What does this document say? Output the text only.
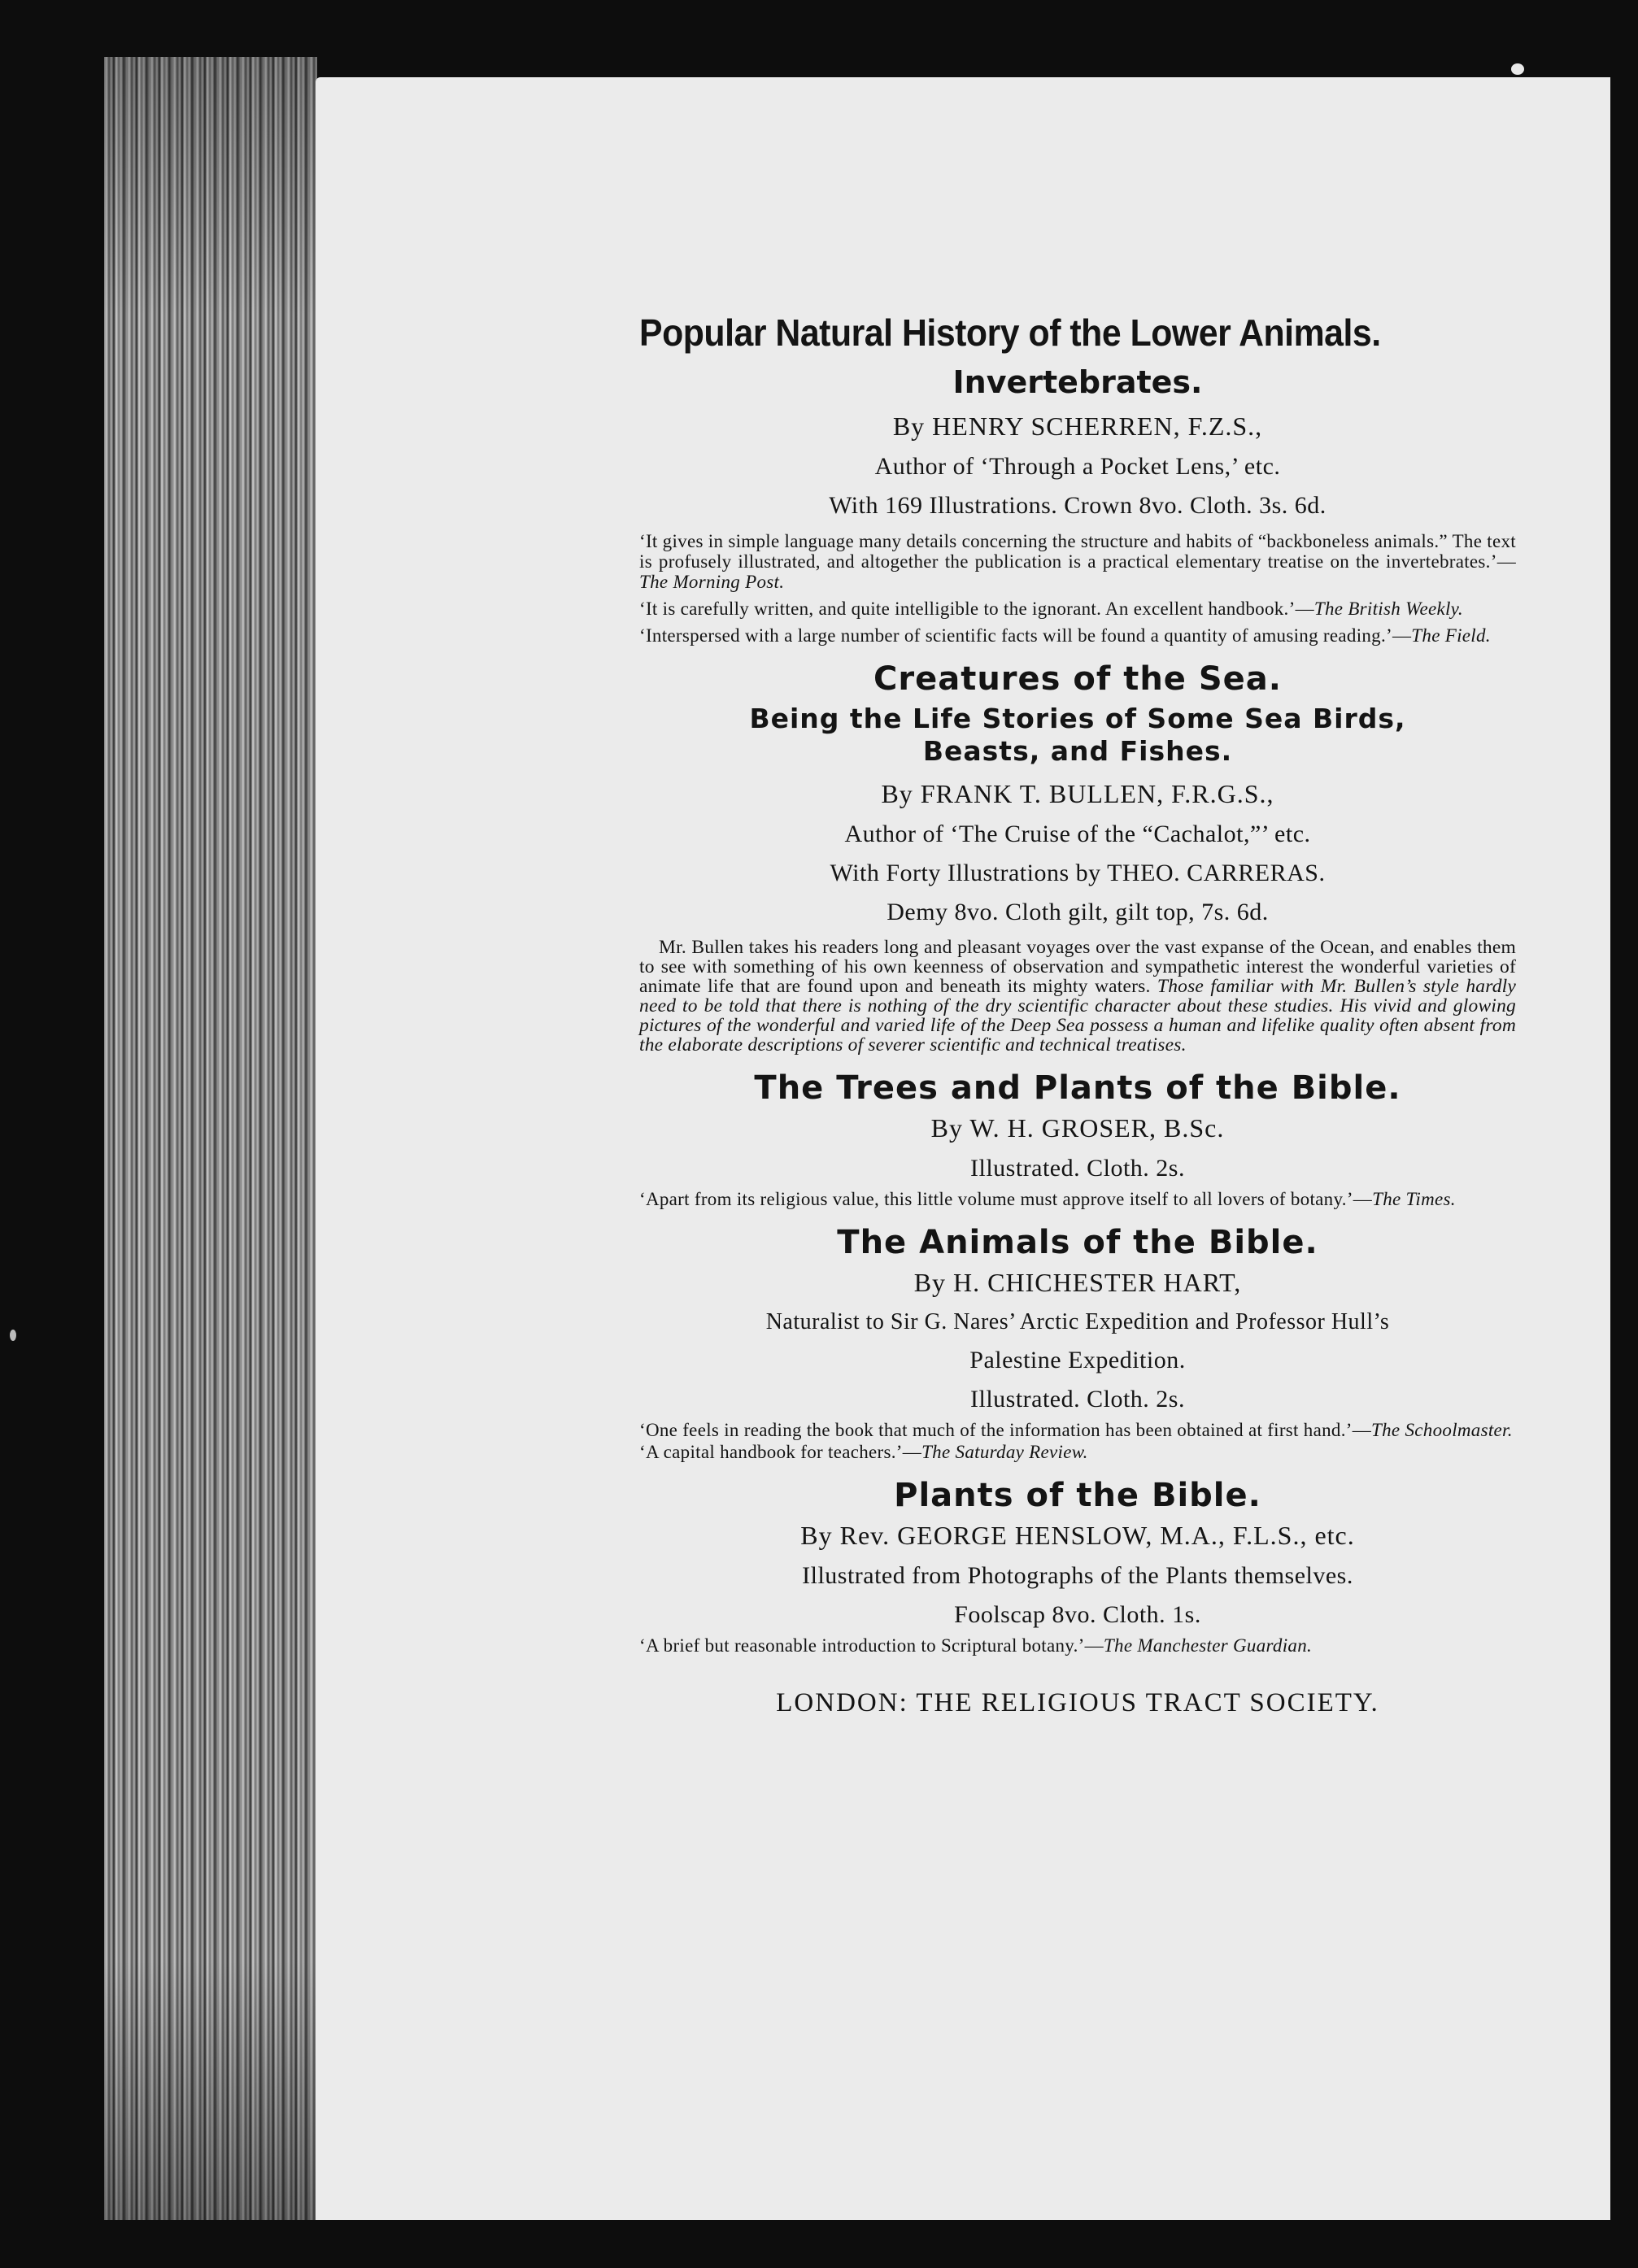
Popular Natural History of the Lower Animals.
Invertebrates.
By HENRY SCHERREN, F.Z.S.,
Author of ‘Through a Pocket Lens,’ etc.
With 169 Illustrations. Crown 8vo. Cloth. 3s. 6d.

‘It gives in simple language many details concerning the structure and habits of “backboneless animals.” The text is profusely illustrated, and altogether the publication is a practical elementary treatise on the invertebrates.’—The Morning Post.

‘It is carefully written, and quite intelligible to the ignorant. An excellent handbook.’—The British Weekly.

‘Interspersed with a large number of scientific facts will be found a quantity of amusing reading.’—The Field.

Creatures of the Sea.
Being the Life Stories of Some Sea Birds,
Beasts, and Fishes.
By FRANK T. BULLEN, F.R.G.S.,
Author of ‘The Cruise of the “Cachalot,”’ etc.
With Forty Illustrations by THEO. CARRERAS.
Demy 8vo. Cloth gilt, gilt top, 7s. 6d.

Mr. Bullen takes his readers long and pleasant voyages over the vast expanse of the Ocean, and enables them to see with something of his own keenness of observation and sympathetic interest the wonderful varieties of animate life that are found upon and beneath its mighty waters. Those familiar with Mr. Bullen’s style hardly need to be told that there is nothing of the dry scientific character about these studies. His vivid and glowing pictures of the wonderful and varied life of the Deep Sea possess a human and lifelike quality often absent from the elaborate descriptions of severer scientific and technical treatises.

The Trees and Plants of the Bible.
By W. H. GROSER, B.Sc.
Illustrated. Cloth. 2s.

‘Apart from its religious value, this little volume must approve itself to all lovers of botany.’—The Times.

The Animals of the Bible.
By H. CHICHESTER HART,
Naturalist to Sir G. Nares’ Arctic Expedition and Professor Hull’s
Palestine Expedition.
Illustrated. Cloth. 2s.

‘One feels in reading the book that much of the information has been obtained at first hand.’—The Schoolmaster.

‘A capital handbook for teachers.’—The Saturday Review.

Plants of the Bible.
By Rev. GEORGE HENSLOW, M.A., F.L.S., etc.
Illustrated from Photographs of the Plants themselves.
Foolscap 8vo. Cloth. 1s.

‘A brief but reasonable introduction to Scriptural botany.’—The Manchester Guardian.

LONDON: THE RELIGIOUS TRACT SOCIETY.
